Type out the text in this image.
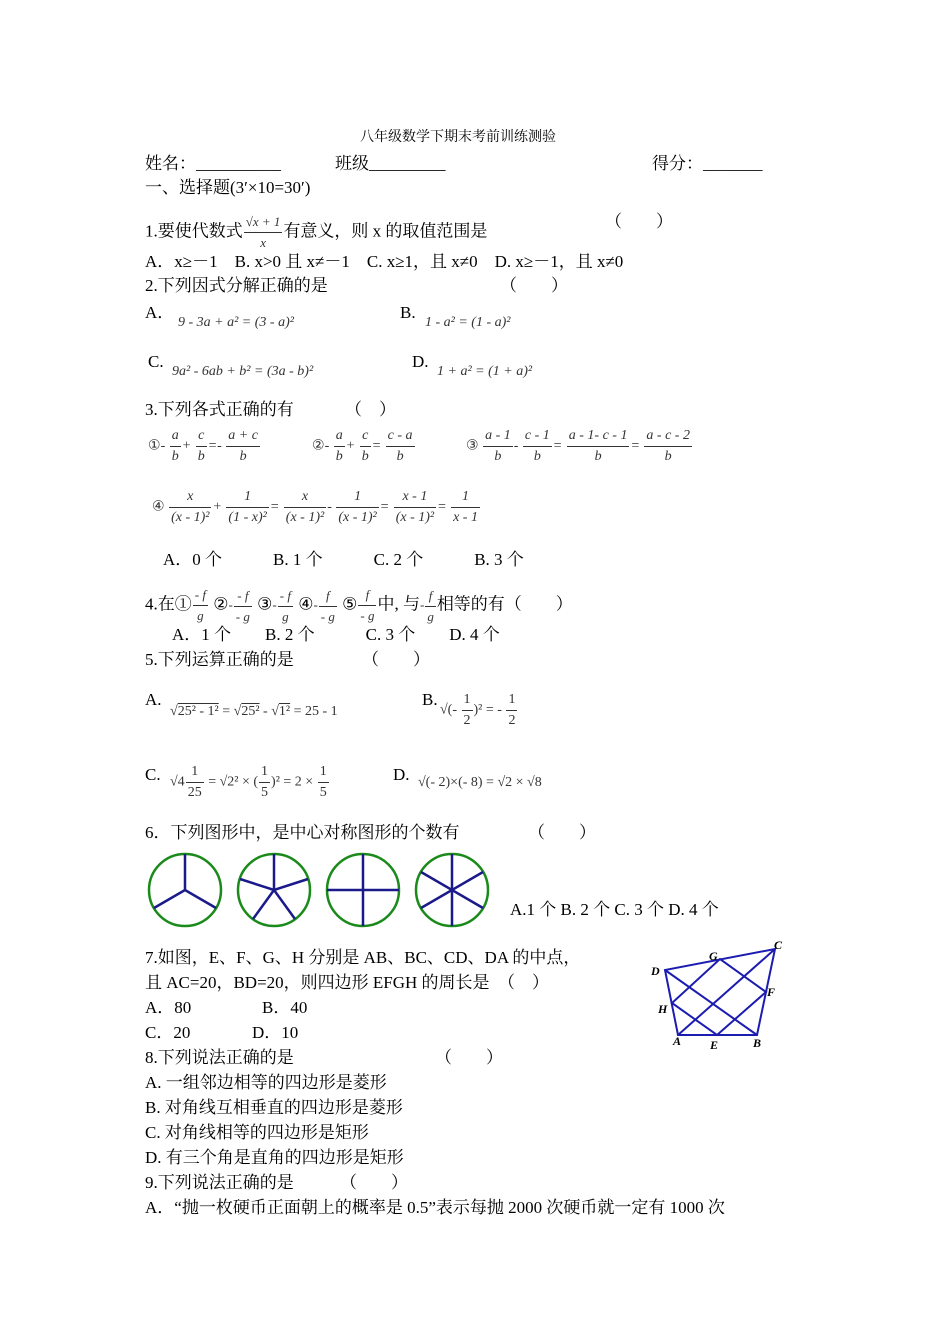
八年级数学下期末考前训练测验
姓名：__________	班级_________	得分：_______
一、选择题(3′×10=30′)
1.要使代数式 $\frac{√x + 1}{x}$ 有意义，则 x 的取值范围是	（　　）
A．x≥－1　B. x>0 且 x≠－1　C. x≥1，且 x≠0　D. x≥－1，且 x≠0
2.下列因式分解正确的是	（　　）
A．
9 - 3a + a² = (3 - a)²
B.
1 - a² = (1 - a)²
C.
9a² - 6ab + b² = (3a - b)²
D.
1 + a² = (1 + a)²
3.下列各式正确的有	（　）
①- $\frac{a}{b} + \frac{c}{b} =- \frac{a + c}{b}$	②- $\frac{a}{b} + \frac{c}{b} = \frac{c - a}{b}$	③ $\frac{a - 1}{b} - \frac{c - 1}{b} = \frac{a - 1- c - 1}{b} = \frac{a - c - 2}{b}$
④ $\frac{x}{\text{(x - 1)²}} + \frac{1}{\text{(1 - x)²}} = \frac{x}{\text{(x - 1)²}} - \frac{1}{\text{(x - 1)²}} = \frac{x - 1}{\text{(x - 1)²}} = \frac{1}{x - 1}$
A．0 个　　　B. 1 个　　　C. 2 个　　　B. 3 个
4.在① $\frac{- f}{g}$ ②- $\frac{- f}{- g}$ ③- $\frac{- f}{g}$ ④- $\frac{f}{- g}$ ⑤ $\frac{f}{- g}$ 中, 与- $\frac{f}{g}$ 相等的有（　　）
A．1 个　　B. 2 个　　　C. 3 个　　D. 4 个
5.下列运算正确的是	（　　）
A.
√25² - 1² = √25² - √1² = 25 - 1
B.
√(- $\frac{1}{2} )^2$ = - $\frac{1}{2}$
C. $√4 \frac{1}{25} = √2^2$ × ( $\frac{1}{5} )^2 = 2 \times \frac{1}{5}$	D. √(- 2)×(- 8) = √2 × √8
6．下列图形中，是中心对称图形的个数有	（　　）
A.1 个 B. 2 个 C. 3 个 D. 4 个
7.如图，E、F、G、H 分别是 AB、BC、CD、DA 的中点，
且 AC=20，BD=20，则四边形 EFGH 的周长是　（　）
A．80	B．40
C．20	D．10	A E	B
F
C
G
D
H
8.下列说法正确的是	（　　）
A. 一组邻边相等的四边形是菱形
B. 对角线互相垂直的四边形是菱形
C. 对角线相等的四边形是矩形
D. 有三个角是直角的四边形是矩形
9.下列说法正确的是	（　　）
A．“抛一枚硬币正面朝上的概率是 0.5”表示每抛 2000 次硬币就一定有 1000 次
